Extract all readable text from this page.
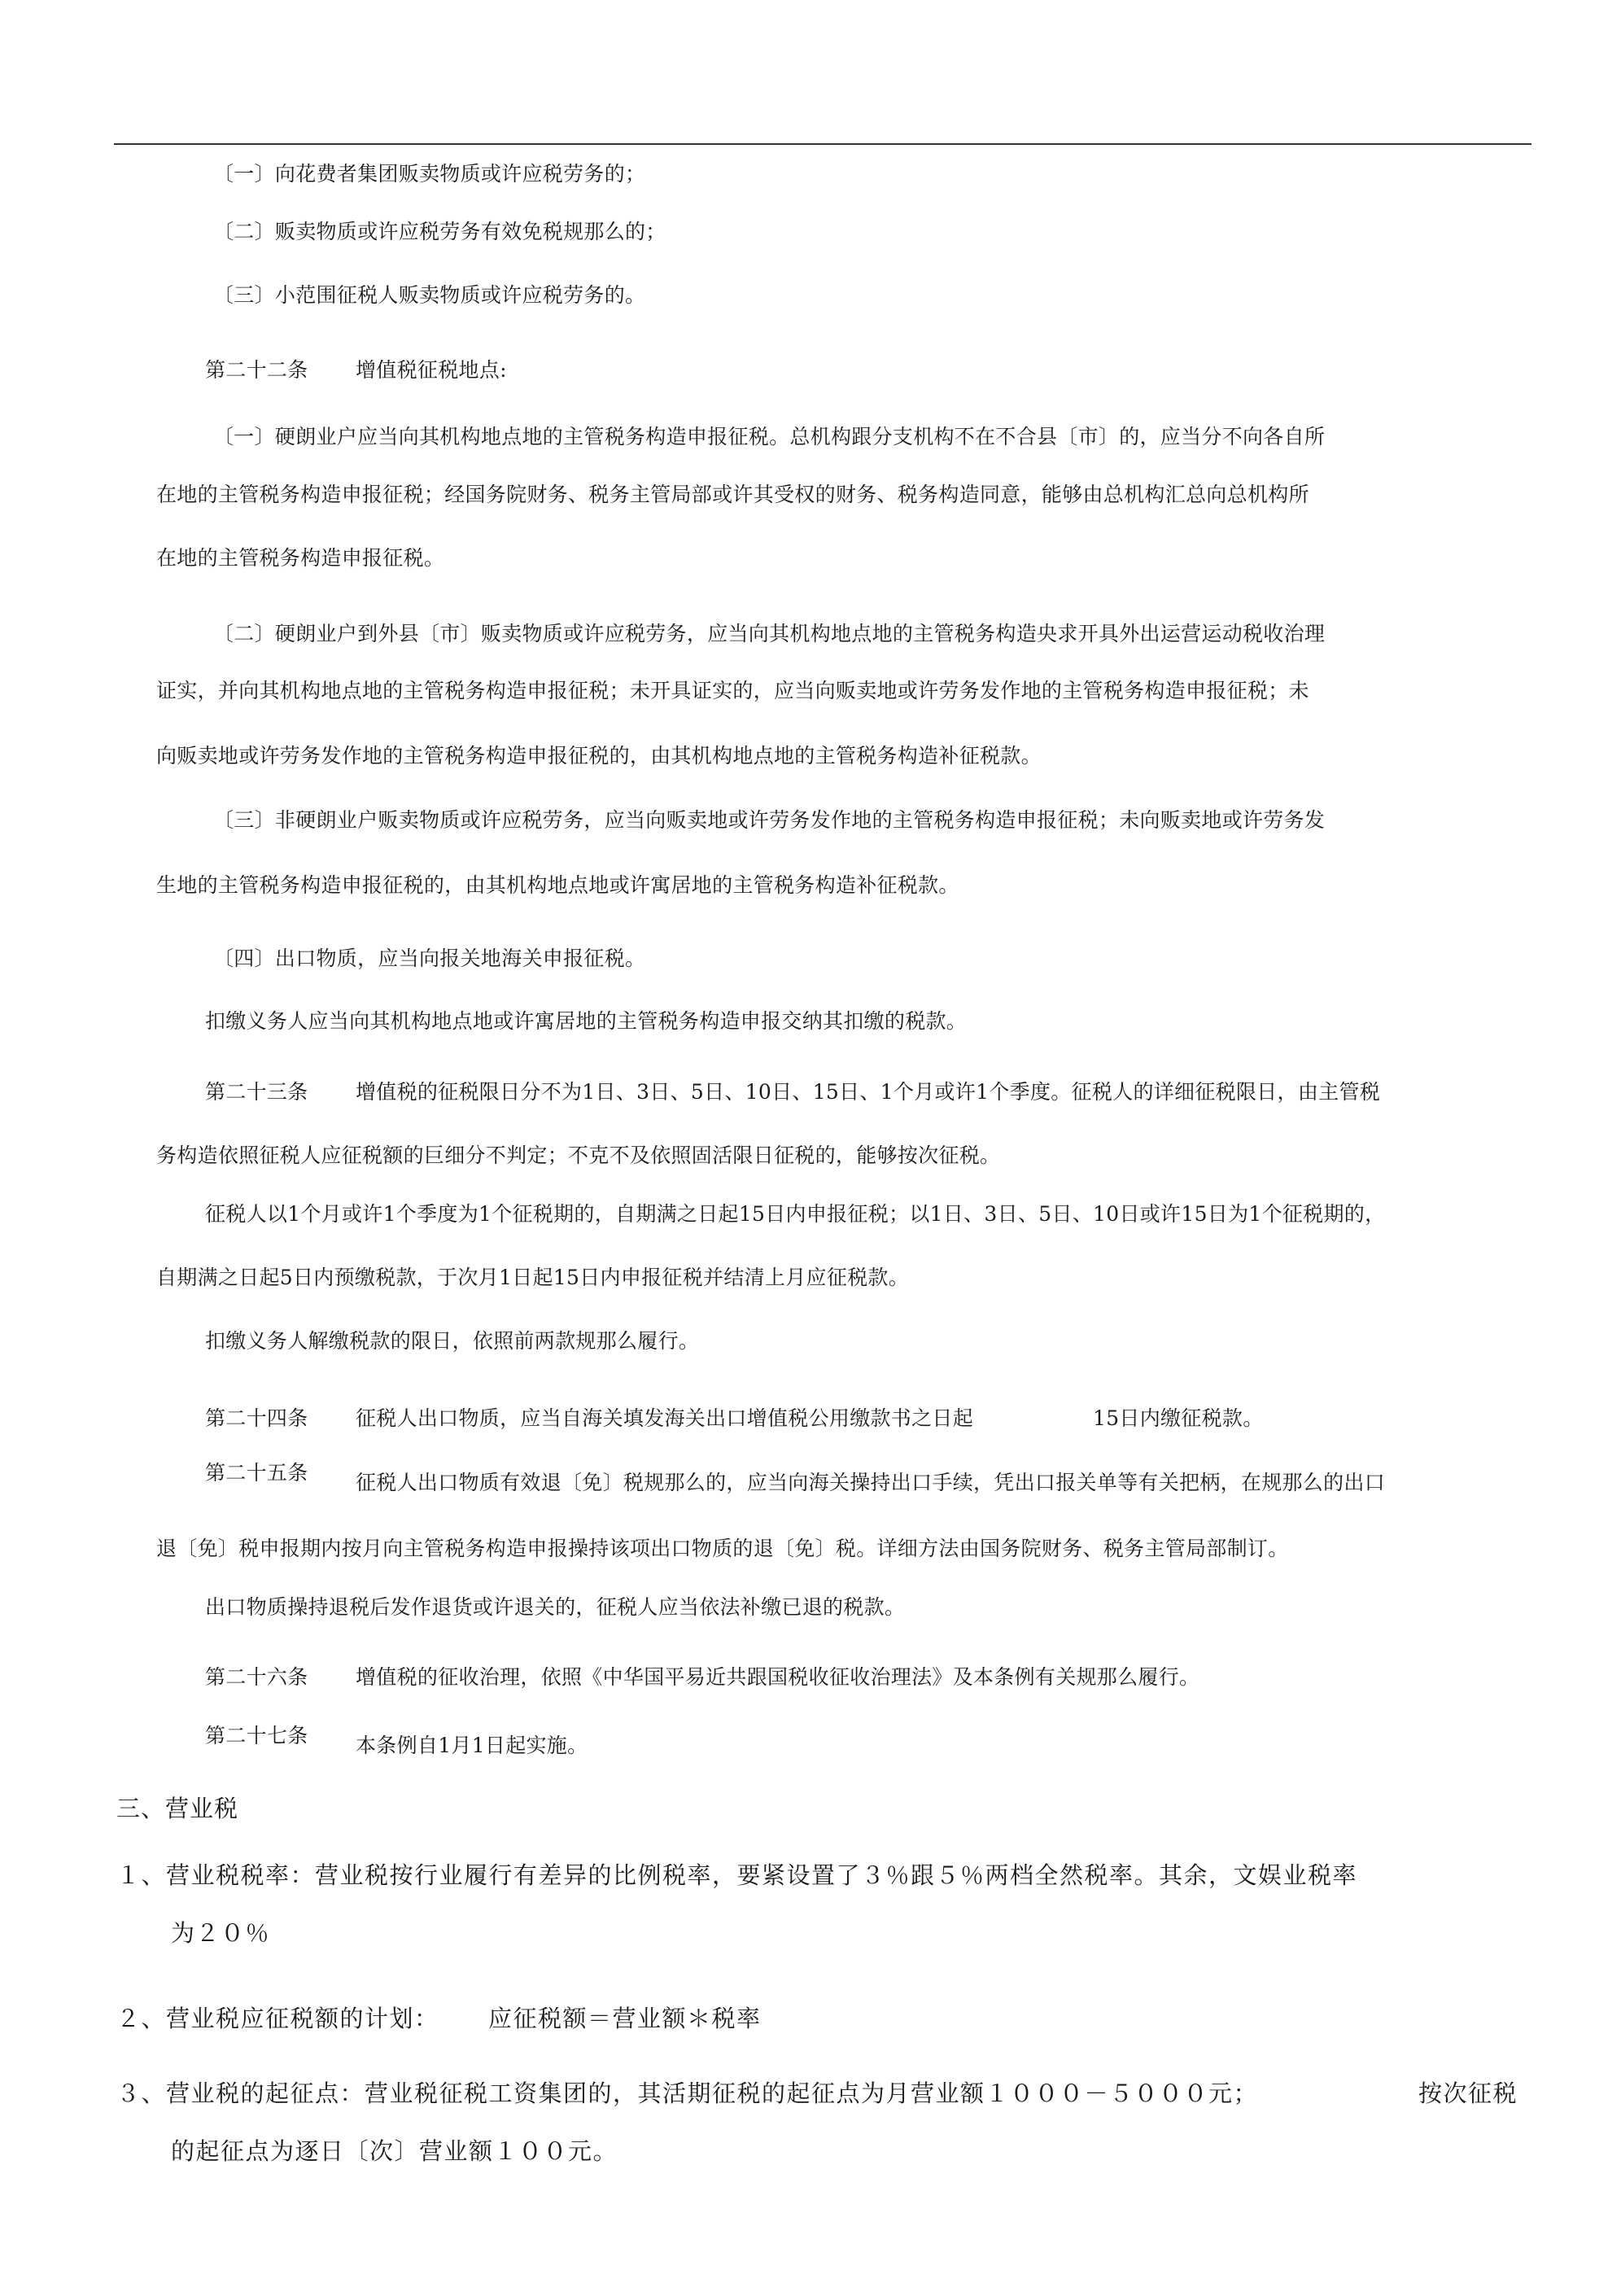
〔一〕向花费者集团贩卖物质或许应税劳务的；
〔二〕贩卖物质或许应税劳务有效免税规那么的；
〔三〕小范围征税人贩卖物质或许应税劳务的。
第二十二条 增值税征税地点:
〔一〕硬朗业户应当向其机构地点地的主管税务构造申报征税。总机构跟分支机构不在不合县〔市〕的，应当分不向各自所
在地的主管税务构造申报征税；经国务院财务、税务主管局部或许其受权的财务、税务构造同意，能够由总机构汇总向总机构所
在地的主管税务构造申报征税。
〔二〕硬朗业户到外县〔市〕贩卖物质或许应税劳务，应当向其机构地点地的主管税务构造央求开具外出运营运动税收治理
证实，并向其机构地点地的主管税务构造申报征税；未开具证实的，应当向贩卖地或许劳务发作地的主管税务构造申报征税；未
向贩卖地或许劳务发作地的主管税务构造申报征税的，由其机构地点地的主管税务构造补征税款。
〔三〕非硬朗业户贩卖物质或许应税劳务，应当向贩卖地或许劳务发作地的主管税务构造申报征税；未向贩卖地或许劳务发
生地的主管税务构造申报征税的，由其机构地点地或许寓居地的主管税务构造补征税款。
〔四〕出口物质，应当向报关地海关申报征税。
扣缴义务人应当向其机构地点地或许寓居地的主管税务构造申报交纳其扣缴的税款。
第二十三条 增值税的征税限日分不为1日、3日、5日、10日、15日、1个月或许1个季度。征税人的详细征税限日，由主管税
务构造依照征税人应征税额的巨细分不判定；不克不及依照固活限日征税的，能够按次征税。
征税人以1个月或许1个季度为1个征税期的，自期满之日起15日内申报征税；以1日、3日、5日、10日或许15日为1个征税期的，
自期满之日起5日内预缴税款，于次月1日起15日内申报征税并结清上月应征税款。
扣缴义务人解缴税款的限日，依照前两款规那么履行。
第二十四条 征税人出口物质，应当自海关填发海关出口增值税公用缴款书之日起	15日内缴征税款。
第二十五条 征税人出口物质有效退〔免〕税规那么的，应当向海关操持出口手续，凭出口报关单等有关把柄，在规那么的出口
退〔免〕税申报期内按月向主管税务构造申报操持该项出口物质的退〔免〕税。详细方法由国务院财务、税务主管局部制订。
出口物质操持退税后发作退货或许退关的，征税人应当依法补缴已退的税款。
第二十六条 增值税的征收治理，依照《中华国平易近共跟国税收征收治理法》及本条例有关规那么履行。
第二十七条 本条例自1月1日起实施。
三、营业税
１、营业税税率：营业税按行业履行有差异的比例税率，要紧设置了３％跟５％两档全然税率。其余，文娱业税率
为２０％
２、营业税应征税额的计划： 应征税额＝营业额＊税率
３、营业税的起征点：营业税征税工资集团的，其活期征税的起征点为月营业额１０００－５０００元；	按次征税
的起征点为逐日〔次〕营业额１００元。
